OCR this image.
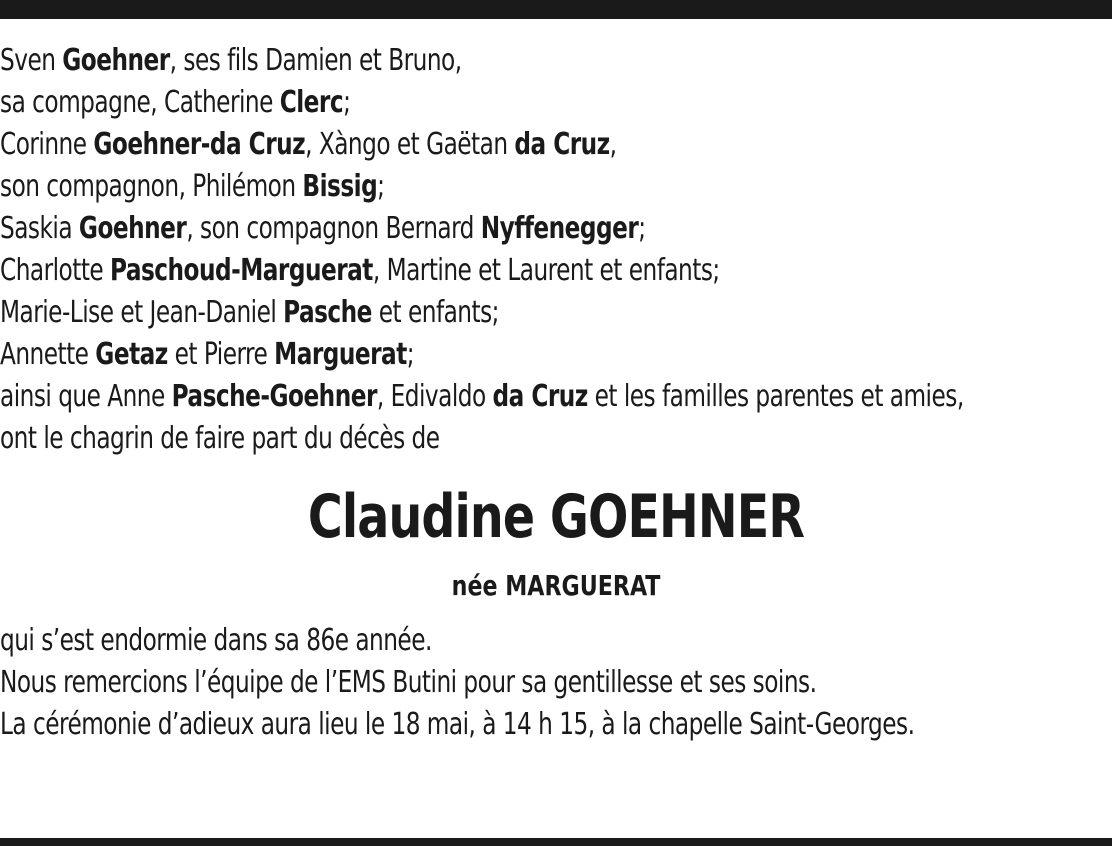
Sven Goehner, ses fils Damien et Bruno,

sa compagne, Catherine Clerc;

Corinne Goehner-da Cruz, Xàngo et Gaëtan da Cruz,

son compagnon, Philémon Bissig;

Saskia Goehner, son compagnon Bernard Nyffenegger;

Charlotte Paschoud-Marguerat, Martine et Laurent et enfants;

Marie-Lise et Jean-Daniel Pasche et enfants;

Annette Getaz et Pierre Marguerat;

ainsi que Anne Pasche-Goehner, Edivaldo da Cruz et les familles parentes et amies,

ont le chagrin de faire part du décès de

Claudine GOEHNER
née MARGUERAT

qui s’est endormie dans sa 86e année.

Nous remercions l’équipe de l’EMS Butini pour sa gentillesse et ses soins.

La cérémonie d’adieux aura lieu le 18 mai, à 14 h 15, à la chapelle Saint-Georges.
